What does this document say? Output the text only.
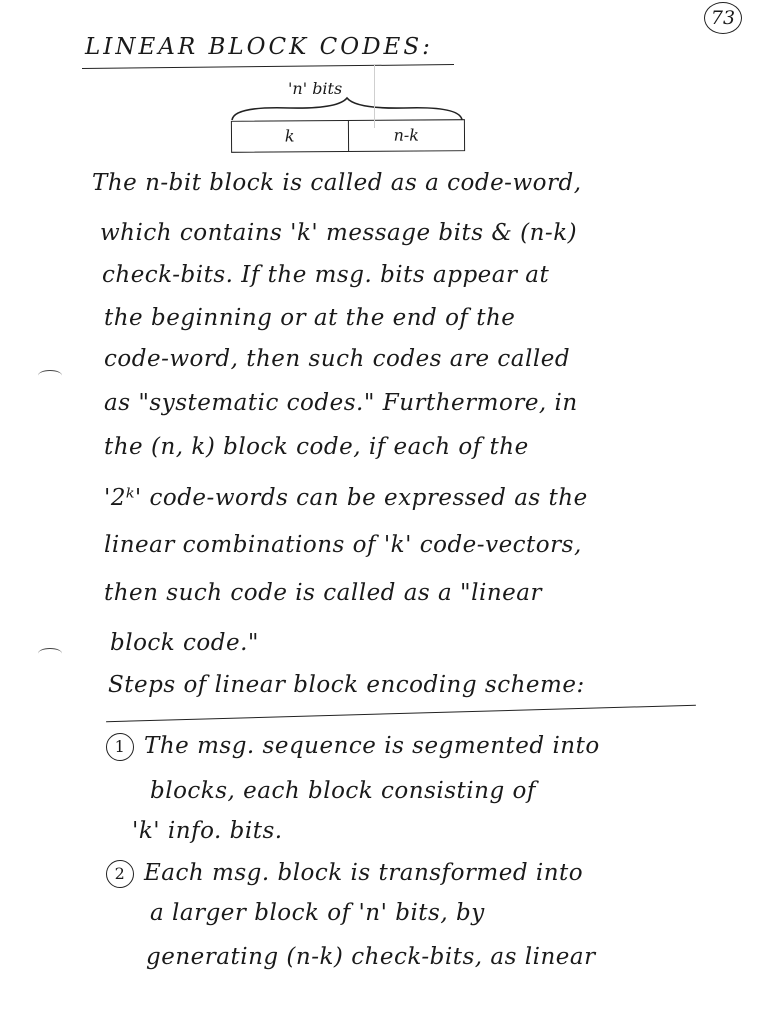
73
LINEAR BLOCK CODES:
'n' bits
k	n-k
The n-bit block is called as a code-word,
which contains 'k' message bits & (n-k)
check-bits. If the msg. bits appear at
the beginning or at the end of the
code-word, then such codes are called
as "systematic codes." Furthermore, in
the (n, k) block code, if each of the
'2ᵏ' code-words can be expressed as the
linear combinations of 'k' code-vectors,
then such code is called as a "linear
block code."
Steps of linear block encoding scheme:
1 The msg. sequence is segmented into
blocks, each block consisting of
'k' info. bits.
2 Each msg. block is transformed into
a larger block of 'n' bits, by
generating (n-k) check-bits, as linear
